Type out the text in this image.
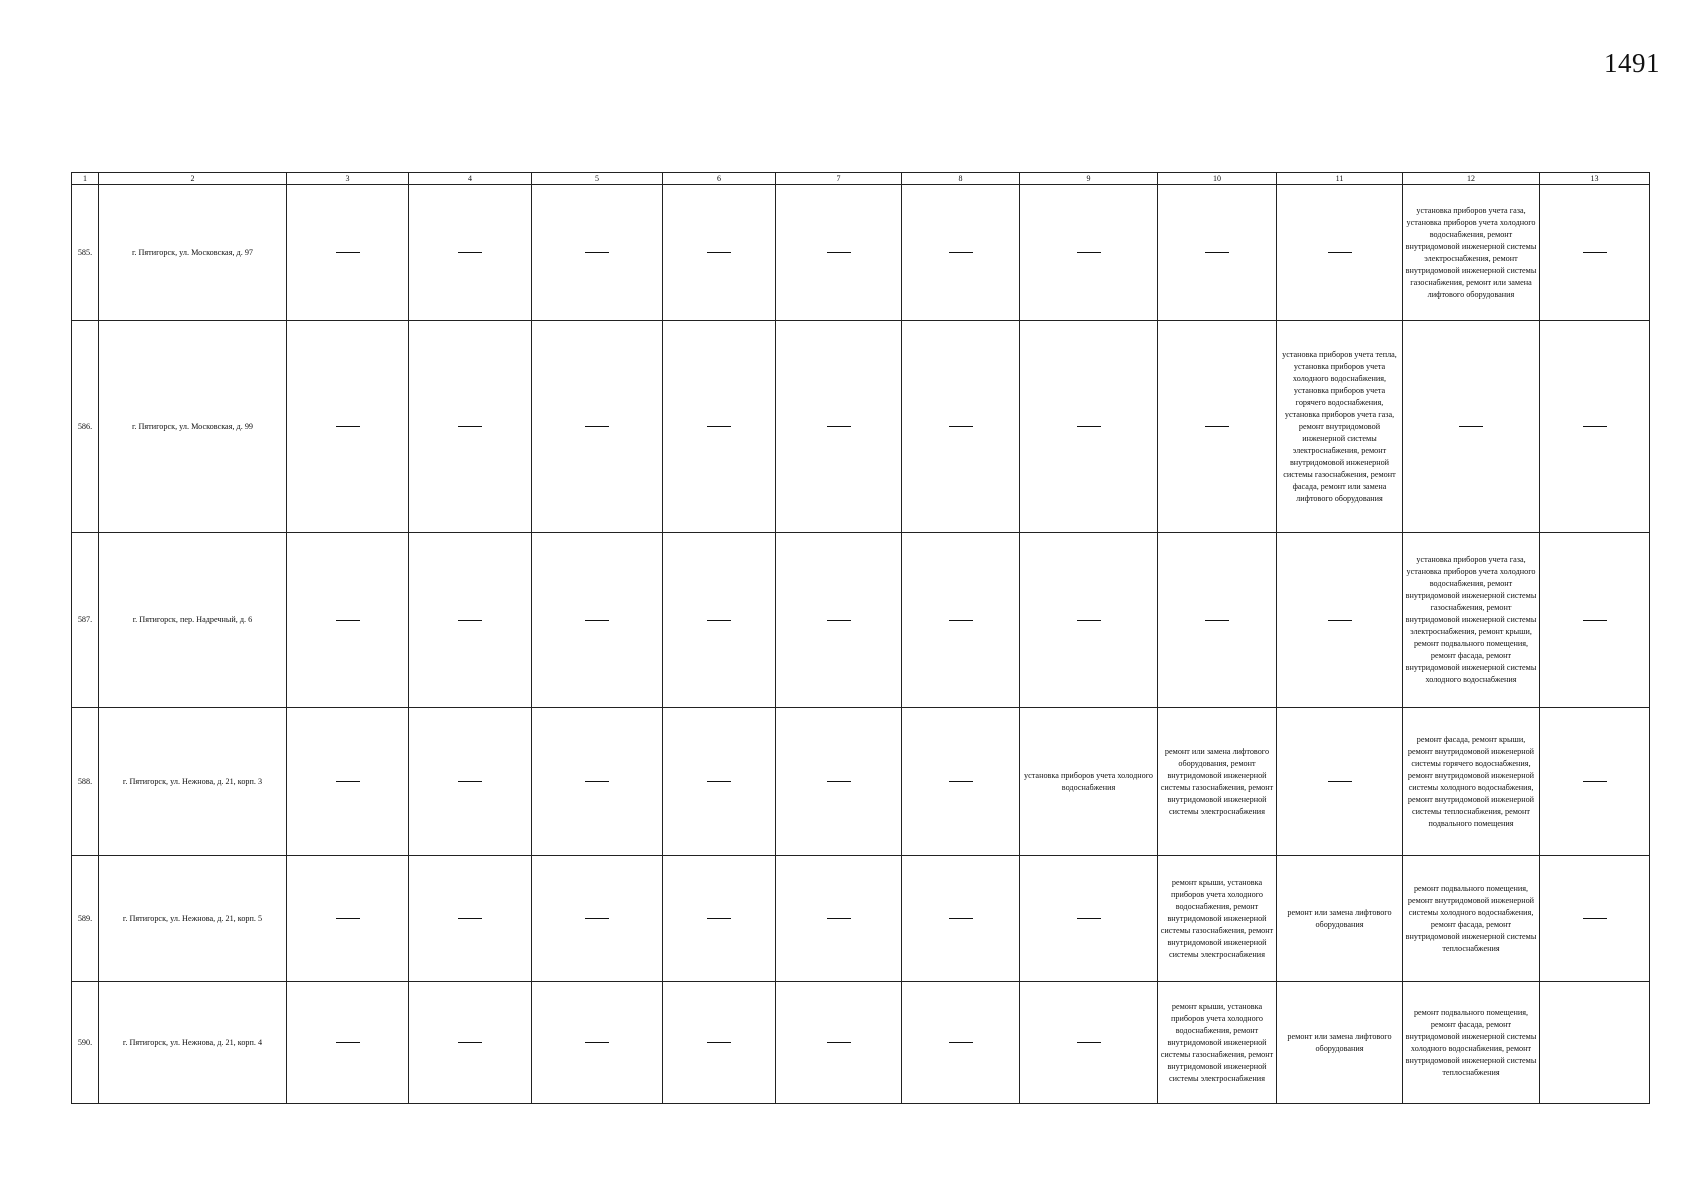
1491
1	2	3	4	5	6	7	8	9	10	11	12	13
585.	г. Пятигорск, ул. Московская, д. 97										установка приборов учета газа, установка приборов учета холодного водоснабжения, ремонт внутридомовой инженерной системы электроснабжения, ремонт внутридомовой инженерной системы газоснабжения, ремонт или замена лифтового оборудования	

586.	г. Пятигорск, ул. Московская, д. 99									установка приборов учета тепла, установка приборов учета холодного водоснабжения, установка приборов учета горячего водоснабжения, установка приборов учета газа, ремонт внутридомовой инженерной системы электроснабжения, ремонт внутридомовой инженерной системы газоснабжения, ремонт фасада, ремонт или замена лифтового оборудования		

587.	г. Пятигорск, пер. Надречный, д. 6										установка приборов учета газа, установка приборов учета холодного водоснабжения, ремонт внутридомовой инженерной системы газоснабжения, ремонт внутридомовой инженерной системы электроснабжения, ремонт крыши, ремонт подвального помещения, ремонт фасада, ремонт внутридомовой инженерной системы холодного водоснабжения	

588.	г. Пятигорск, ул. Нежнова, д. 21, корп. 3							установка приборов учета холодного водоснабжения	ремонт или замена лифтового оборудования, ремонт внутридомовой инженерной системы газоснабжения, ремонт внутридомовой инженерной системы электроснабжения		ремонт фасада, ремонт крыши, ремонт внутридомовой инженерной системы горячего водоснабжения, ремонт внутридомовой инженерной системы холодного водоснабжения, ремонт внутридомовой инженерной системы теплоснабжения, ремонт подвального помещения	

589.	г. Пятигорск, ул. Нежнова, д. 21, корп. 5								ремонт крыши, установка приборов учета холодного водоснабжения, ремонт внутридомовой инженерной системы газоснабжения, ремонт внутридомовой инженерной системы электроснабжения	ремонт или замена лифтового оборудования	ремонт подвального помещения, ремонт внутридомовой инженерной системы холодного водоснабжения, ремонт фасада, ремонт внутридомовой инженерной системы теплоснабжения	

590.	г. Пятигорск, ул. Нежнова, д. 21, корп. 4								ремонт крыши, установка приборов учета холодного водоснабжения, ремонт внутридомовой инженерной системы газоснабжения, ремонт внутридомовой инженерной системы электроснабжения	ремонт или замена лифтового оборудования	ремонт подвального помещения, ремонт фасада, ремонт внутридомовой инженерной системы холодного водоснабжения, ремонт внутридомовой инженерной системы теплоснабжения	
